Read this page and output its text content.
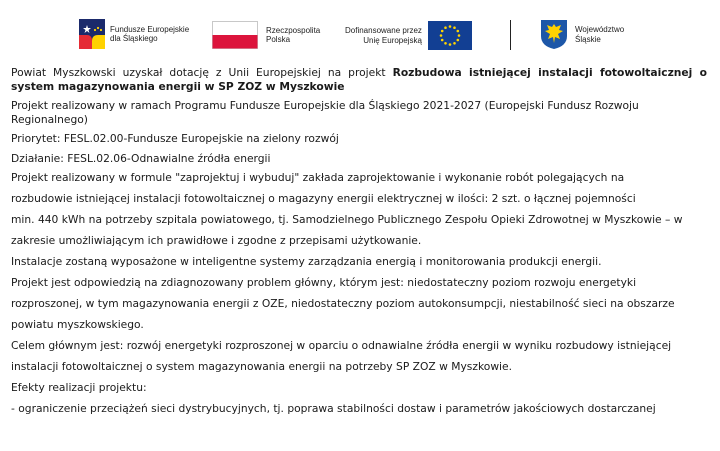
Fundusze Europejskie
dla Śląskiego
Rzeczpospolita
Polska
Dofinansowane przez
Unię Europejską
Województwo
Śląskie

Powiat Myszkowski uzyskał dotację z Unii Europejskiej na projekt Rozbudowa istniejącej instalacji fotowoltaicznej o system magazynowania energii w SP ZOZ w Myszkowie

Projekt realizowany w ramach Programu Fundusze Europejskie dla Śląskiego 2021-2027 (Europejski Fundusz Rozwoju Regionalnego)

Priorytet: FESL.02.00-Fundusze Europejskie na zielony rozwój

Działanie: FESL.02.06-Odnawialne źródła energii

Projekt realizowany w formule "zaprojektuj i wybuduj" zakłada zaprojektowanie i wykonanie robót polegających na
rozbudowie istniejącej instalacji fotowoltaicznej o magazyny energii elektrycznej w ilości: 2 szt. o łącznej pojemności
min. 440 kWh na potrzeby szpitala powiatowego, tj. Samodzielnego Publicznego Zespołu Opieki Zdrowotnej w Myszkowie – w
zakresie umożliwiającym ich prawidłowe i zgodne z przepisami użytkowanie.
Instalacje zostaną wyposażone w inteligentne systemy zarządzania energią i monitorowania produkcji energii.
Projekt jest odpowiedzią na zdiagnozowany problem główny, którym jest: niedostateczny poziom rozwoju energetyki
rozproszonej, w tym magazynowania energii z OZE, niedostateczny poziom autokonsumpcji, niestabilność sieci na obszarze
powiatu myszkowskiego.
Celem głównym jest: rozwój energetyki rozproszonej w oparciu o odnawialne źródła energii w wyniku rozbudowy istniejącej
instalacji fotowoltaicznej o system magazynowania energii na potrzeby SP ZOZ w Myszkowie.
Efekty realizacji projektu:
- ograniczenie przeciążeń sieci dystrybucyjnych, tj. poprawa stabilności dostaw i parametrów jakościowych dostarczanej
